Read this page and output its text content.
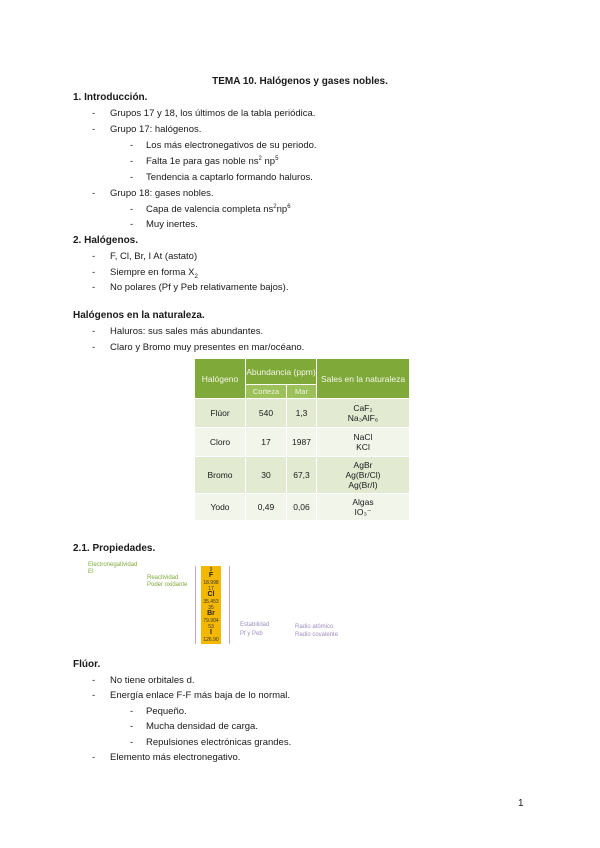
TEMA 10. Halógenos y gases nobles.
1. Introducción.
- Grupos 17 y 18, los últimos de la tabla periódica.
- Grupo 17: halógenos.
- Los más electronegativos de su periodo.
- Falta 1e para gas noble $ns^2$ $np^5$
- Tendencia a captarlo formando haluros.
- Grupo 18: gases nobles.
- Capa de valencia completa $ns^2np^6$
- Muy inertes.
2. Halógenos.
- F, Cl, Br, I At (astato)
- Siempre en forma $X_2$
- No polares (Pf y Peb relativamente bajos).
Halógenos en la naturaleza.
- Haluros: sus sales más abundantes.
- Claro y Bromo muy presentes en mar/océano.
Halógeno	Abundancia (ppm)		Sales en la naturaleza
	Corteza	Mar	
Flúor	540	1,3	CaF₂
Na₃AlF₆

Cloro	17	1987	NaCl
KCl

Bromo	30	67,3	AgBr
Ag(Br/Cl)
Ag(Br/I)

Yodo	0,49	0,06	Algas
IO₃⁻
2.1. Propiedades.
Electronegatividad
EI
Reactividad
Poder oxidante
9
F
18.998
17
Cl
35.453
35
Br
79.904
53
I
126.90
Estabilidad
Pf y Peb
Radio atómico
Radio covalente
Flúor.
- No tiene orbitales d.
- Energía enlace F-F más baja de lo normal.
- Pequeño.
- Mucha densidad de carga.
- Repulsiones electrónicas grandes.
- Elemento más electronegativo.
1
